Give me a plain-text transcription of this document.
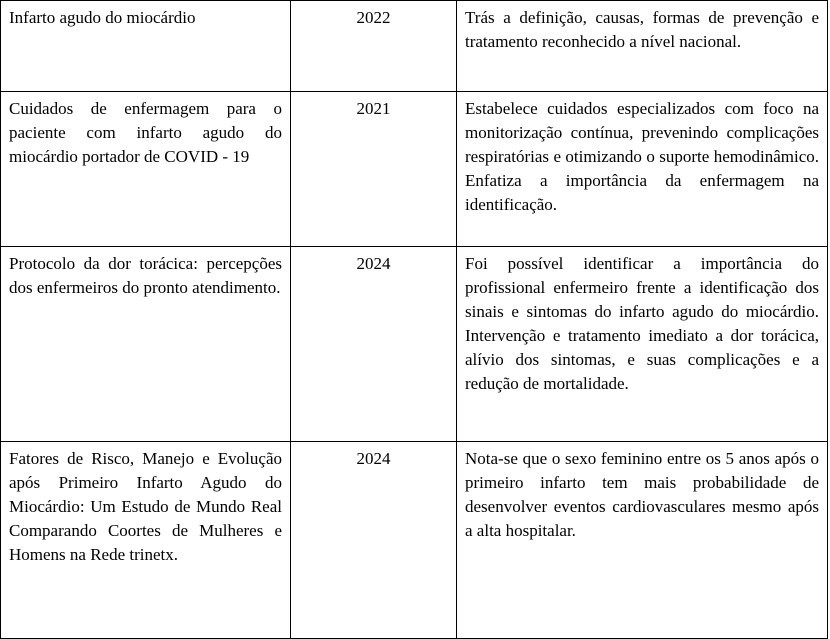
Infarto agudo do miocárdio	2022	Trás a definição, causas, formas de prevenção e tratamento reconhecido a nível nacional.
Cuidados de enfermagem para o paciente com infarto agudo do miocárdio portador de COVID - 19	2021	Estabelece cuidados especializados com foco na monitorização contínua, prevenindo complicações respiratórias e otimizando o suporte hemodinâmico. Enfatiza a importância da enfermagem na identificação.
Protocolo da dor torácica: percepções dos enfermeiros do pronto atendimento.	2024	Foi possível identificar a importância do profissional enfermeiro frente a identificação dos sinais e sintomas do infarto agudo do miocárdio. Intervenção e tratamento imediato a dor torácica, alívio dos sintomas, e suas complicações e a redução de mortalidade.
Fatores de Risco, Manejo e Evolução após Primeiro Infarto Agudo do Miocárdio: Um Estudo de Mundo Real Comparando Coortes de Mulheres e Homens na Rede trinetx.	2024	Nota-se que o sexo feminino entre os 5 anos após o primeiro infarto tem mais probabilidade de desenvolver eventos cardiovasculares mesmo após a alta hospitalar.
